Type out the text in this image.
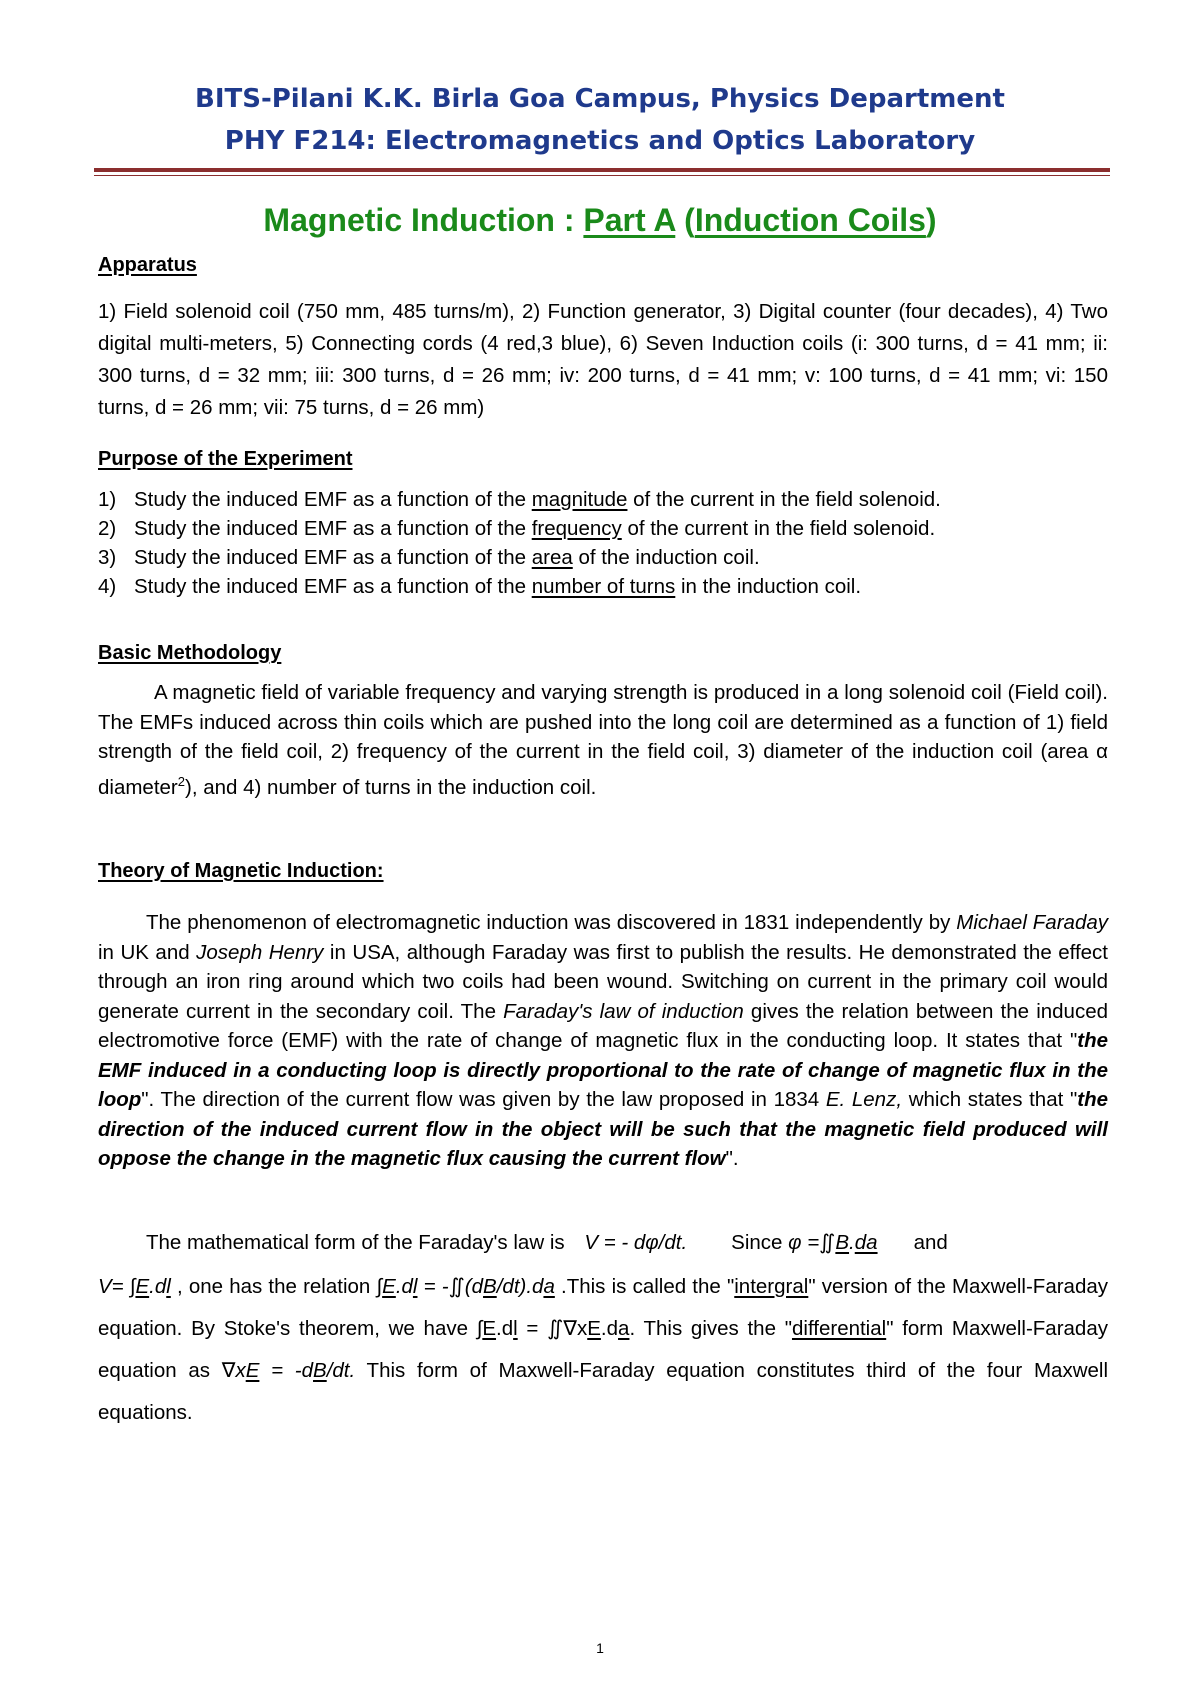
BITS-Pilani K.K. Birla Goa Campus, Physics Department
PHY F214: Electromagnetics and Optics Laboratory
Magnetic Induction : Part A (Induction Coils)
Apparatus
1) Field solenoid coil (750 mm, 485 turns/m), 2) Function generator, 3) Digital counter (four decades), 4) Two digital multi-meters, 5) Connecting cords (4 red,3 blue), 6) Seven Induction coils (i: 300 turns, d = 41 mm; ii: 300 turns, d = 32 mm; iii: 300 turns, d = 26 mm; iv: 200 turns, d = 41 mm; v: 100 turns, d = 41 mm; vi: 150 turns, d = 26 mm; vii: 75 turns, d = 26 mm)
Purpose of the Experiment
1) Study the induced EMF as a function of the magnitude of the current in the field solenoid.
2) Study the induced EMF as a function of the frequency of the current in the field solenoid.
3) Study the induced EMF as a function of the area of the induction coil.
4) Study the induced EMF as a function of the number of turns in the induction coil.
Basic Methodology
A magnetic field of variable frequency and varying strength is produced in a long solenoid coil (Field coil). The EMFs induced across thin coils which are pushed into the long coil are determined as a function of 1) field strength of the field coil, 2) frequency of the current in the field coil, 3) diameter of the induction coil (area α diameter$^2$), and 4) number of turns in the induction coil.
Theory of Magnetic Induction:
The phenomenon of electromagnetic induction was discovered in 1831 independently by Michael Faraday in UK and Joseph Henry in USA, although Faraday was first to publish the results. He demonstrated the effect through an iron ring around which two coils had been wound. Switching on current in the primary coil would generate current in the secondary coil. The Faraday's law of induction gives the relation between the induced electromotive force (EMF) with the rate of change of magnetic flux in the conducting loop. It states that "the EMF induced in a conducting loop is directly proportional to the rate of change of magnetic flux in the loop". The direction of the current flow was given by the law proposed in 1834 E. Lenz, which states that "the direction of the induced current flow in the object will be such that the magnetic field produced will oppose the change in the magnetic flux causing the current flow".
The mathematical form of the Faraday's law is V = - dφ/dt. Since φ =∬B.da and
V= ∫E.dl , one has the relation ∫E.dl = -∬(dB/dt).da .This is called the "intergral" version of the Maxwell-Faraday equation. By Stoke's theorem, we have ∫E.dl = ∬∇xE.da. This gives the "differential" form Maxwell-Faraday equation as ∇xE = -dB/dt. This form of Maxwell-Faraday equation constitutes third of the four Maxwell equations.
1
